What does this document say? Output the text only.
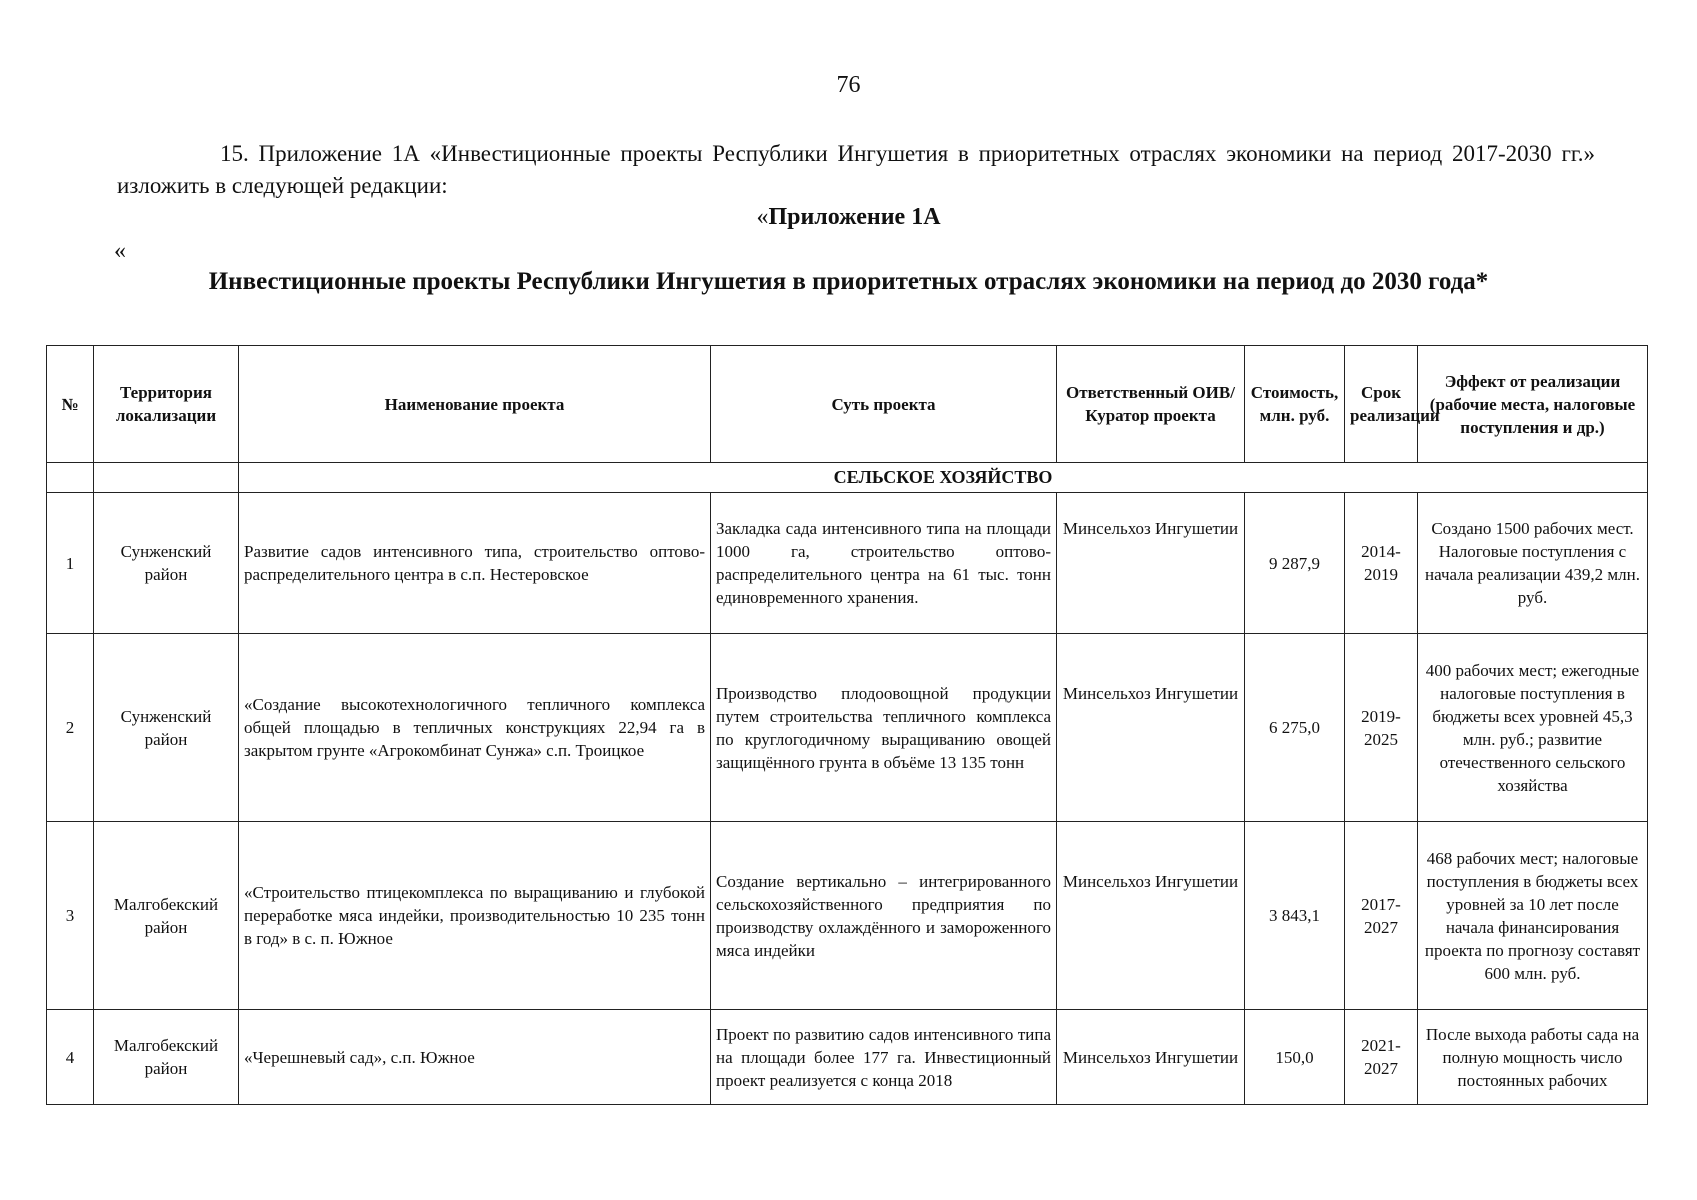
76
15. Приложение 1А «Инвестиционные проекты Республики Ингушетия в приоритетных отраслях экономики на период 2017-2030 гг.» изложить в следующей редакции:
«Приложение 1А
«
Инвестиционные проекты Республики Ингушетия в приоритетных отраслях экономики на период до 2030 года*
№	Территория локализации	Наименование проекта	Суть проекта	Ответственный ОИВ/Куратор проекта	Стоимость, млн. руб.	Срок реализации	Эффект от реализации (рабочие места, налоговые поступления и др.)
		СЕЛЬСКОЕ ХОЗЯЙСТВО					
1	Сунженский район	Развитие садов интенсивного типа, строительство оптово-распределительного центра в с.п. Нестеровское	Закладка сада интенсивного типа на площади 1000 га, строительство оптово-распределительного центра на 61 тыс. тонн единовременного хранения.	Минсельхоз Ингушетии	9 287,9	2014-2019	Создано 1500 рабочих мест. Налоговые поступления с начала реализации 439,2 млн. руб.
2	Сунженский район	«Создание высокотехнологичного тепличного комплекса общей площадью в тепличных конструкциях 22,94 га в закрытом грунте «Агрокомбинат Сунжа» с.п. Троицкое	Производство плодоовощной продукции путем строительства тепличного комплекса по круглогодичному выращиванию овощей защищённого грунта в объёме 13 135 тонн	Минсельхоз Ингушетии	6 275,0	2019-2025	400 рабочих мест; ежегодные налоговые поступления в бюджеты всех уровней 45,3 млн. руб.; развитие отечественного сельского хозяйства
3	Малгобекский район	«Строительство птицекомплекса по выращиванию и глубокой переработке мяса индейки, производительностью 10 235 тонн в год» в с. п. Южное	Создание вертикально – интегрированного сельскохозяйственного предприятия по производству охлаждённого и замороженного мяса индейки	Минсельхоз Ингушетии	3 843,1	2017-2027	468 рабочих мест; налоговые поступления в бюджеты всех уровней за 10 лет после начала финансирования проекта по прогнозу составят 600 млн. руб.
4	Малгобекский район	«Черешневый сад», с.п. Южное	Проект по развитию садов интенсивного типа на площади более 177 га. Инвестиционный проект реализуется с конца 2018	Минсельхоз Ингушетии	150,0	2021-2027	После выхода работы сада на полную мощность число постоянных рабочих
